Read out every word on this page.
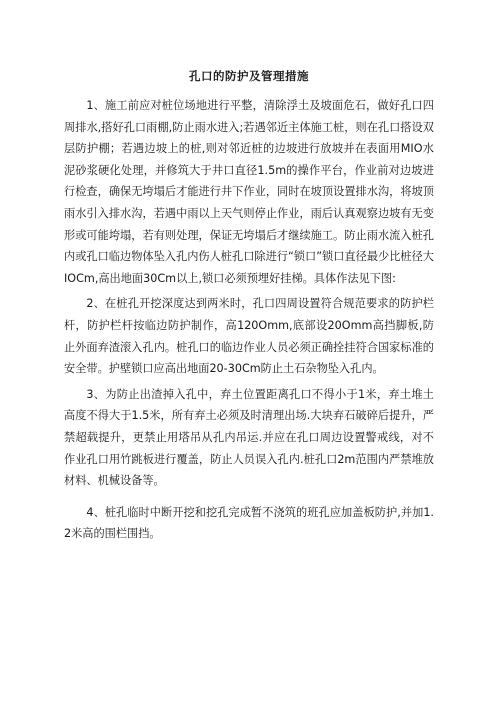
孔口的防护及管理措施

1、施工前应对桩位场地进行平整，清除浮土及坡面危石，做好孔口四周排水,搭好孔口雨棚,防止雨水进入;若遇邻近主体施工桩，则在孔口搭设双层防护棚；若遇边坡上的桩,则对邻近桩的边坡进行放坡并在表面用MIO水泥砂浆硬化处理，并修筑大于井口直径1.5m的操作平台，作业前对边坡进行检查，确保无垮塌后才能进行井下作业，同时在坡顶设置排水沟，将坡顶雨水引入排水沟，若遇中雨以上天气则停止作业，雨后认真观察边坡有无变形或可能垮塌，若有则处理，保证无垮塌后才继续施工。防止雨水流入桩孔内或孔口临边物体坠入孔内伤人桩孔口除进行“锁口”锁口直径最少比桩径大IOCm,高出地面30Cm以上,锁口必须预埋好挂梯。具体作法见下图:

2、在桩孔开挖深度达到两米时，孔口四周设置符合规范要求的防护栏杆，防护栏杆按临边防护制作，高120Omm,底部设20Omm高挡脚板,防止外面弃渣滚入孔内。桩孔口的临边作业人员必须正确拴挂符合国家标准的安全带。护壁锁口应高出地面20-30Cm防止土石杂物坠入孔内。

3、为防止出渣掉入孔中，弃土位置距离孔口不得小于1米，弃土堆土高度不得大于1.5米，所有弃土必须及时清理出场.大块弃石破碎后提升，严禁超载提升，更禁止用塔吊从孔内吊运.并应在孔口周边设置警戒线，对不作业孔口用竹跳板进行覆盖，防止人员误入孔内.桩孔口2m范围内严禁堆放材料、机械设备等。

4、桩孔临时中断开挖和挖孔完成暂不浇筑的班孔应加盖板防护,并加1.2米高的围栏围挡。
